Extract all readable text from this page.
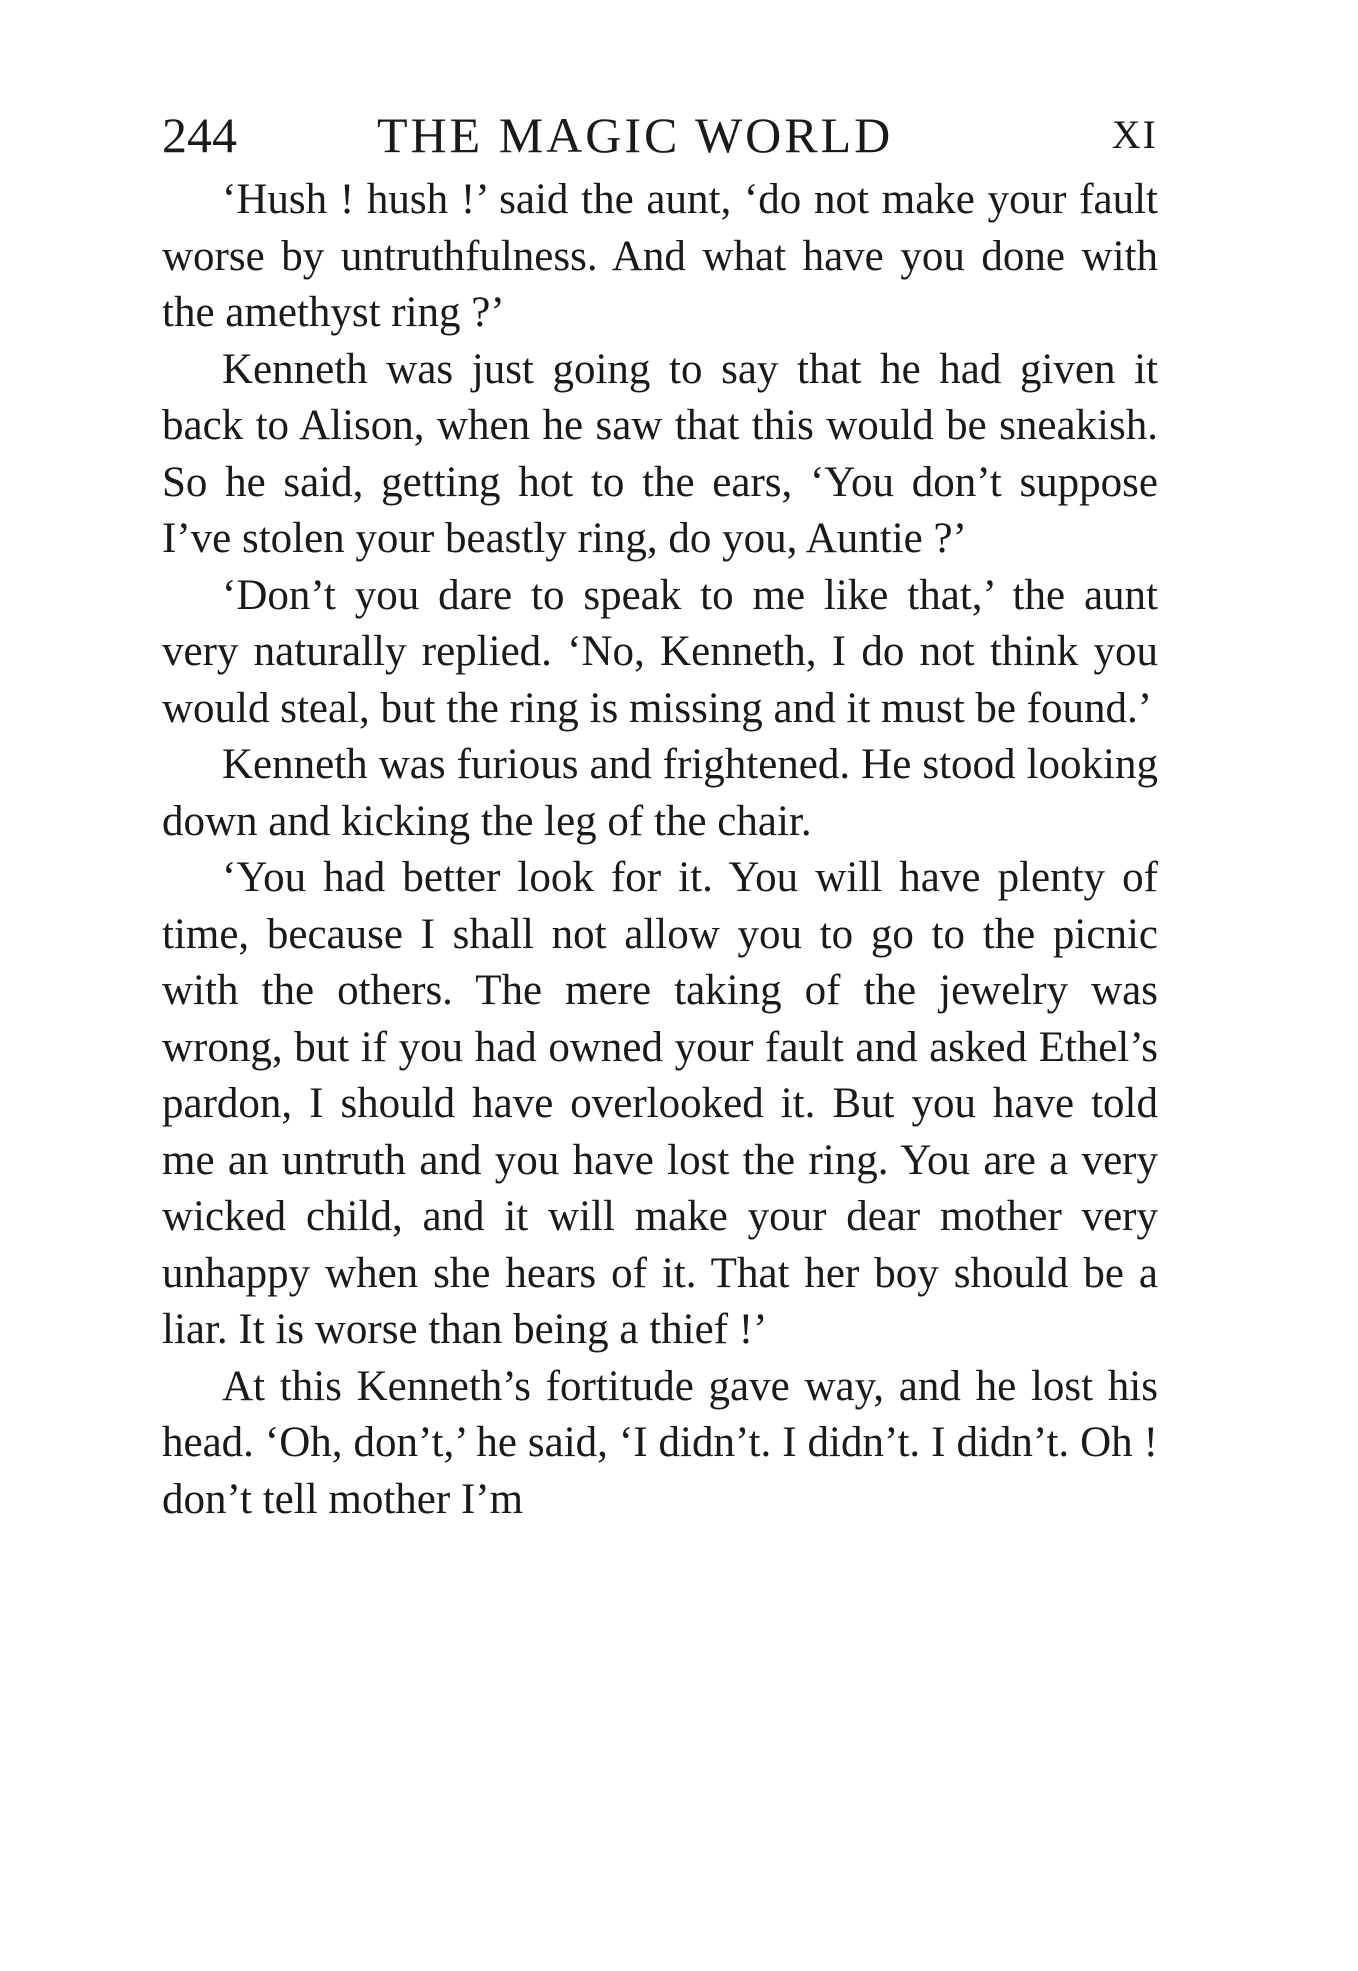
244	THE MAGIC WORLD	XI

‘Hush ! hush !’ said the aunt, ‘do not make your fault worse by untruthfulness. And what have you done with the amethyst ring ?’

Kenneth was just going to say that he had given it back to Alison, when he saw that this would be sneakish. So he said, getting hot to the ears, ‘You don’t suppose I’ve stolen your beastly ring, do you, Auntie ?’

‘Don’t you dare to speak to me like that,’ the aunt very naturally replied. ‘No, Kenneth, I do not think you would steal, but the ring is missing and it must be found.’

Kenneth was furious and frightened. He stood looking down and kicking the leg of the chair.

‘You had better look for it. You will have plenty of time, because I shall not allow you to go to the picnic with the others. The mere taking of the jewelry was wrong, but if you had owned your fault and asked Ethel’s pardon, I should have overlooked it. But you have told me an untruth and you have lost the ring. You are a very wicked child, and it will make your dear mother very unhappy when she hears of it. That her boy should be a liar. It is worse than being a thief !’

At this Kenneth’s fortitude gave way, and he lost his head. ‘Oh, don’t,’ he said, ‘I didn’t. I didn’t. I didn’t. Oh ! don’t tell mother I’m
